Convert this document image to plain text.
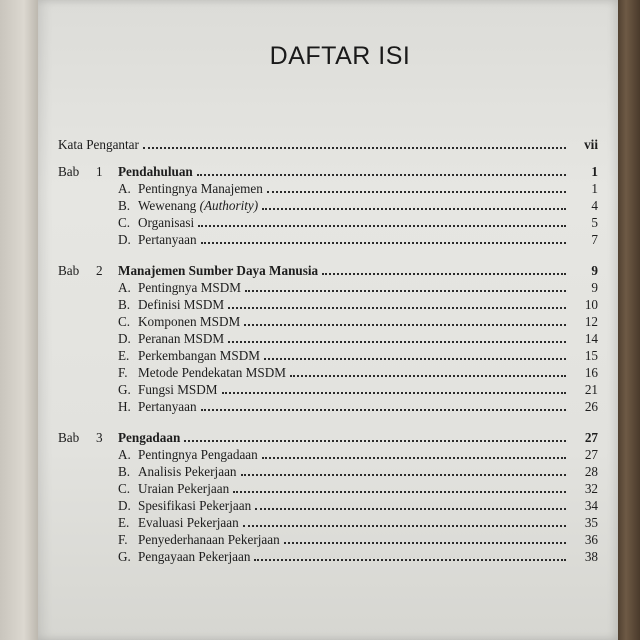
DAFTAR ISI
Kata Pengantar	vii
Bab	1	Pendahuluan	1
A. Pentingnya Manajemen	1
B. Wewenang (Authority)	4
C. Organisasi	5
D. Pertanyaan	7
Bab	2	Manajemen Sumber Daya Manusia	9
A. Pentingnya MSDM	9
B. Definisi MSDM	10
C. Komponen MSDM	12
D. Peranan MSDM	14
E. Perkembangan MSDM	15
F. Metode Pendekatan MSDM	16
G. Fungsi MSDM	21
H. Pertanyaan	26
Bab	3	Pengadaan	27
A. Pentingnya Pengadaan	27
B. Analisis Pekerjaan	28
C. Uraian Pekerjaan	32
D. Spesifikasi Pekerjaan	34
E. Evaluasi Pekerjaan	35
F. Penyederhanaan Pekerjaan	36
G. Pengayaan Pekerjaan	38
